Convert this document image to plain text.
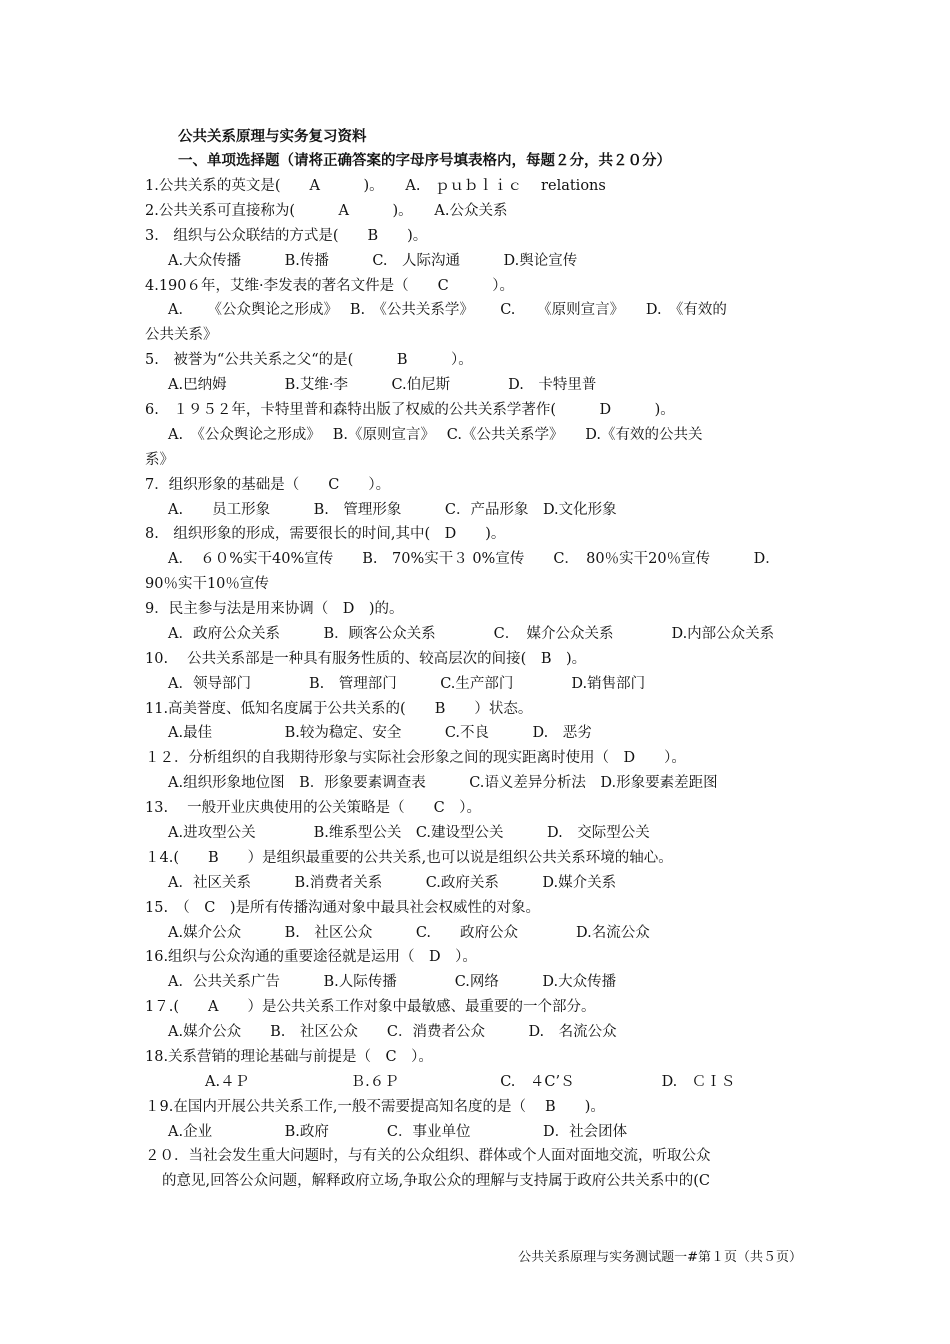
公共关系原理与实务复习资料
一、单项选择题（请将正确答案的字母序号填表格内，每题２分，共２０分）
1.公共关系的英文是(　　A　　　)。　　A.　ｐｕｂｌｉｃ　 relations
2.公共关系可直接称为(　　　A　　　)。　　A.公众关系
3.　组织与公众联结的方式是(　　B　　)。
A.大众传播　　　B.传播　　　C.　人际沟通　　　D.舆论宣传
4.190６年，艾维·李发表的著名文件是（　　C　　　）。
A．　　《公众舆论之形成》　 B.　《公共关系学》　　 C.　　《原则宣言》　　D.　《有效的
公共关系》
5.　被誉为“公共关系之父“的是(　　　B　　　）。
A.巴纳姆　　　　B.艾维·李　　　C.伯尼斯　　　　D.　卡特里普
6.　１９５２年，卡特里普和森特出版了权威的公共关系学著作(　　　D　　　)。
A.　《公众舆论之形成》　 B.《原则宣言》　 C.《公共关系学》　　D.《有效的公共关
系》
7．组织形象的基础是（　　C　　）。
A.　　员工形象　　　B.　管理形象　　　C．产品形象　D.文化形象
8.　组织形象的形成，需要很长的时间,其中(　D　　)。
A．　６０%实干40%宣传　　B.　70%实干３ 0%宣传　　C．　80％实干20％宣传　　　D．
90％实干10％宣传
9．民主参与法是用来协调（　D　)的。
A．政府公众关系　　　B．顾客公众关系　　　　C．　媒介公众关系　　　　D.内部公众关系
10.　 公共关系部是一种具有服务性质的、较高层次的间接(　B　)。
A．领导部门　　　　B.　管理部门　　　C.生产部门　　　　D.销售部门
11.高美誉度、低知名度属于公共关系的(　　B　　）状态。
A.最佳　　　　　B.较为稳定、安全　　　C.不良　　　D.　恶劣
１２．分析组织的自我期待形象与实际社会形象之间的现实距离时使用（　D　　）。
A.组织形象地位图　B．形象要素调查表　　　C.语义差异分析法　D.形象要素差距图
13.　 一般开业庆典使用的公关策略是（　　C　）。
A.进攻型公关　　　　B.维系型公关　C.建设型公关　　　D.　交际型公关
１4.(　　B　　）是组织最重要的公共关系,也可以说是组织公共关系环境的轴心。
A．社区关系　　　B.消费者关系　　　C.政府关系　　　D.媒介关系
15.　（　C　)是所有传播沟通对象中最具社会权威性的对象。
A.媒介公众　　　B.　社区公众　　　C.　　政府公众　　　　D.名流公众
16.组织与公众沟通的重要途径就是运用（　D　）。
A．公共关系广告　　　B.人际传播　　　　C.网络　　　D.大众传播
1７.(　　A　　）是公共关系工作对象中最敏感、最重要的一个部分。
A.媒介公众　　B.　社区公众　　C．消费者公众　　　D.　名流公众
18.关系营销的理论基础与前提是（　C　）。
A.４Ｐ　　　　　　　Ｂ.６Ｐ　　　　　　　C.　４C’Ｓ　　　　　　D.　ＣＩＳ
１9.在国内开展公共关系工作,一般不需要提高知名度的是（　 B　　)。
A.企业　　　　　B.政府　　　　C．事业单位　　　　　D．社会团体
２０．当社会发生重大问题时，与有关的公众组织、群体或个人面对面地交流，听取公众
的意见,回答公众问题，解释政府立场,争取公众的理解与支持属于政府公共关系中的(C
公共关系原理与实务测试题一#第１页（共５页）
